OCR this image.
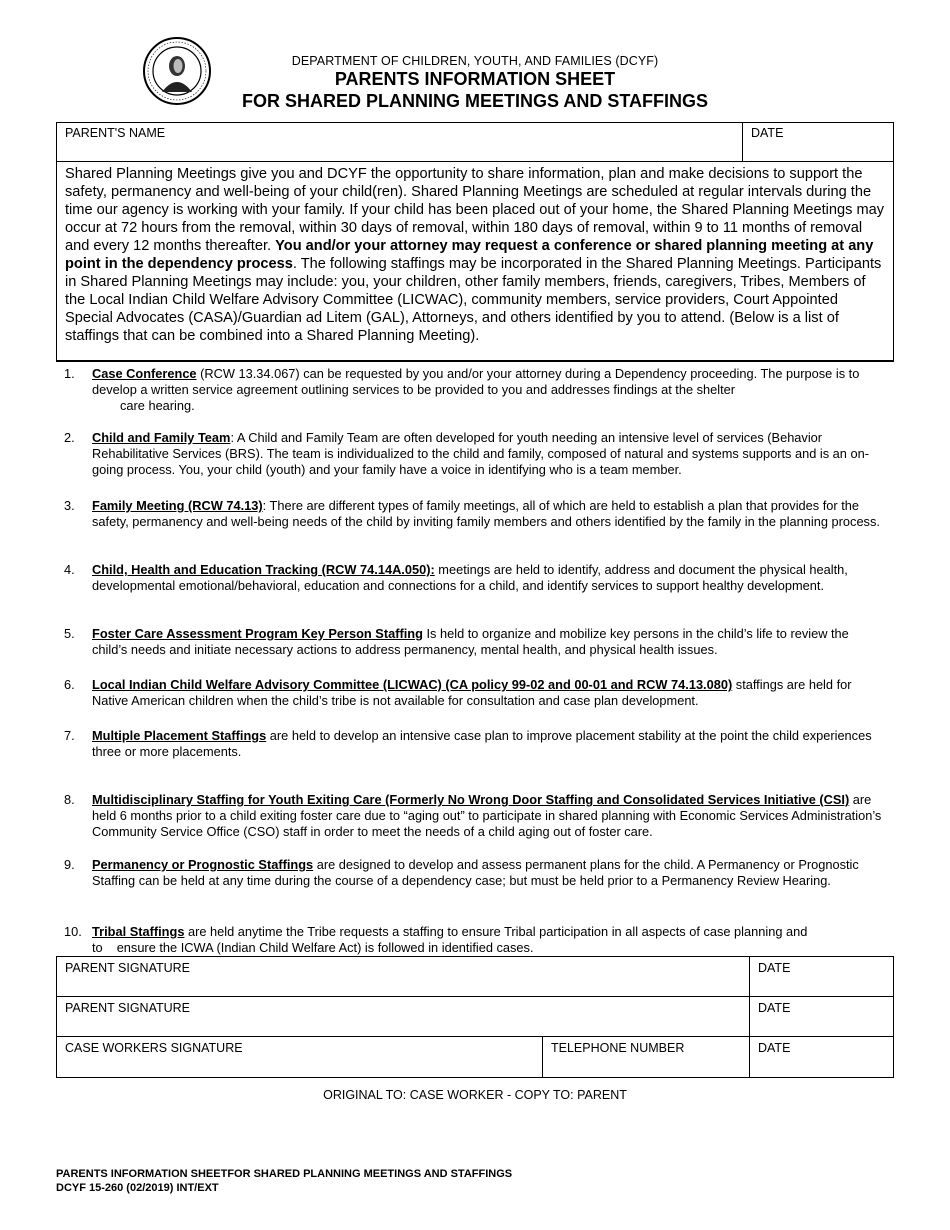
DEPARTMENT OF CHILDREN, YOUTH, AND FAMILIES (DCYF)
PARENTS INFORMATION SHEET
FOR SHARED PLANNING MEETINGS AND STAFFINGS
PARENT'S NAME	DATE
Shared Planning Meetings give you and DCYF the opportunity to share information, plan and make decisions to support the safety, permanency and well-being of your child(ren). Shared Planning Meetings are scheduled at regular intervals during the time our agency is working with your family. If your child has been placed out of your home, the Shared Planning Meetings may occur at 72 hours from the removal, within 30 days of removal, within 180 days of removal, within 9 to 11 months of removal and every 12 months thereafter. You and/or your attorney may request a conference or shared planning meeting at any point in the dependency process. The following staffings may be incorporated in the Shared Planning Meetings. Participants in Shared Planning Meetings may include: you, your children, other family members, friends, caregivers, Tribes, Members of the Local Indian Child Welfare Advisory Committee (LICWAC), community members, service providers, Court Appointed Special Advocates (CASA)/Guardian ad Litem (GAL), Attorneys, and others identified by you to attend. (Below is a list of staffings that can be combined into a Shared Planning Meeting).
1. Case Conference (RCW 13.34.067) can be requested by you and/or your attorney during a Dependency proceeding. The purpose is to develop a written service agreement outlining services to be provided to you and addresses findings at the shelter
care hearing.
2. Child and Family Team: A Child and Family Team are often developed for youth needing an intensive level of services (Behavior Rehabilitative Services (BRS). The team is individualized to the child and family, composed of natural and systems supports and is an on-going process. You, your child (youth) and your family have a voice in identifying who is a team member.
3. Family Meeting (RCW 74.13): There are different types of family meetings, all of which are held to establish a plan that provides for the safety, permanency and well-being needs of the child by inviting family members and others identified by the family in the planning process.
4. Child, Health and Education Tracking (RCW 74.14A.050): meetings are held to identify, address and document the physical health, developmental emotional/behavioral, education and connections for a child, and identify services to support healthy development.
5. Foster Care Assessment Program Key Person Staffing Is held to organize and mobilize key persons in the child’s life to review the child’s needs and initiate necessary actions to address permanency, mental health, and physical health issues.
6. Local Indian Child Welfare Advisory Committee (LICWAC) (CA policy 99-02 and 00-01 and RCW 74.13.080) staffings are held for Native American children when the child’s tribe is not available for consultation and case plan development.
7. Multiple Placement Staffings are held to develop an intensive case plan to improve placement stability at the point the child experiences three or more placements.
8. Multidisciplinary Staffing for Youth Exiting Care (Formerly No Wrong Door Staffing and Consolidated Services Initiative (CSI) are held 6 months prior to a child exiting foster care due to “aging out” to participate in shared planning with Economic Services Administration’s Community Service Office (CSO) staff in order to meet the needs of a child aging out of foster care.
9. Permanency or Prognostic Staffings are designed to develop and assess permanent plans for the child. A Permanency or Prognostic Staffing can be held at any time during the course of a dependency case; but must be held prior to a Permanency Review Hearing.
10. Tribal Staffings are held anytime the Tribe requests a staffing to ensure Tribal participation in all aspects of case planning and
to ensure the ICWA (Indian Child Welfare Act) is followed in identified cases.
PARENT SIGNATURE	DATE
PARENT SIGNATURE	DATE
CASE WORKERS SIGNATURE	TELEPHONE NUMBER	DATE
ORIGINAL TO: CASE WORKER - COPY TO: PARENT
PARENTS INFORMATION SHEETFOR SHARED PLANNING MEETINGS AND STAFFINGS
DCYF 15-260 (02/2019) INT/EXT
